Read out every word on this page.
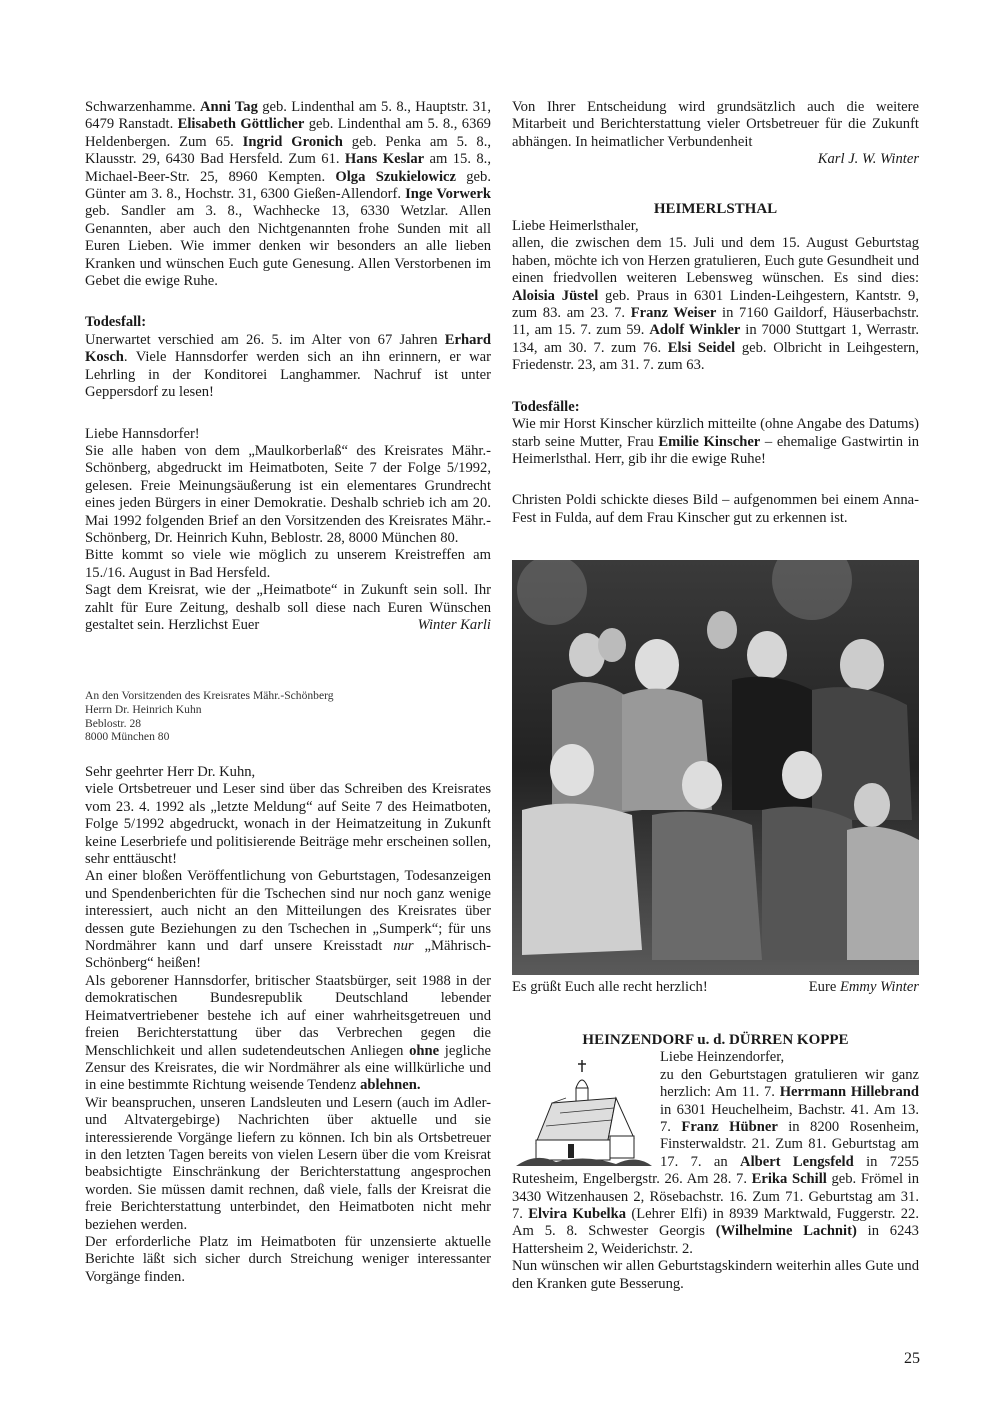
Schwarzenhamme. Anni Tag geb. Lindenthal am 5. 8., Hauptstr. 31, 6479 Ranstadt. Elisabeth Göttlicher geb. Lindenthal am 5. 8., 6369 Heldenbergen. Zum 65. Ingrid Gronich geb. Penka am 5. 8., Klausstr. 29, 6430 Bad Hersfeld. Zum 61. Hans Keslar am 15. 8., Michael-Beer-Str. 25, 8960 Kempten. Olga Szukielowicz geb. Günter am 3. 8., Hochstr. 31, 6300 Gießen-Allendorf. Inge Vorwerk geb. Sandler am 3. 8., Wachhecke 13, 6330 Wetzlar. Allen Genannten, aber auch den Nichtgenannten frohe Sunden mit all Euren Lieben. Wie immer denken wir besonders an alle lieben Kranken und wünschen Euch gute Genesung. Allen Verstorbenen im Gebet die ewige Ruhe.

Todesfall:

Unerwartet verschied am 26. 5. im Alter von 67 Jahren Erhard Kosch. Viele Hannsdorfer werden sich an ihn erinnern, er war Lehrling in der Konditorei Langhammer. Nachruf ist unter Geppersdorf zu lesen!

Liebe Hannsdorfer!

Sie alle haben von dem „Maulkorberlaß“ des Kreisrates Mähr.-Schönberg, abgedruckt im Heimatboten, Seite 7 der Folge 5/1992, gelesen. Freie Meinungsäußerung ist ein elementares Grundrecht eines jeden Bürgers in einer Demokratie. Deshalb schrieb ich am 20. Mai 1992 folgenden Brief an den Vorsitzenden des Kreisrates Mähr.-Schönberg, Dr. Heinrich Kuhn, Beblostr. 28, 8000 München 80.

Bitte kommt so viele wie möglich zu unserem Kreistreffen am 15./16. August in Bad Hersfeld.

Sagt dem Kreisrat, wie der „Heimatbote“ in Zukunft sein soll. Ihr zahlt für Eure Zeitung, deshalb soll diese nach Euren Wünschen gestaltet sein. Herzlichst Euer	Winter Karli

An den Vorsitzenden des Kreisrates Mähr.-Schönberg
Herrn Dr. Heinrich Kuhn
Beblostr. 28
8000 München 80

Sehr geehrter Herr Dr. Kuhn,

viele Ortsbetreuer und Leser sind über das Schreiben des Kreisrates vom 23. 4. 1992 als „letzte Meldung“ auf Seite 7 des Heimatboten, Folge 5/1992 abgedruckt, wonach in der Heimatzeitung in Zukunft keine Leserbriefe und politisierende Beiträge mehr erscheinen sollen, sehr enttäuscht!

An einer bloßen Veröffentlichung von Geburtstagen, Todesanzeigen und Spendenberichten für die Tschechen sind nur noch ganz wenige interessiert, auch nicht an den Mitteilungen des Kreisrates über dessen gute Beziehungen zu den Tschechen in „Sumperk“; für uns Nordmährer kann und darf unsere Kreisstadt nur „Mährisch-Schönberg“ heißen!

Als geborener Hannsdorfer, britischer Staatsbürger, seit 1988 in der demokratischen Bundesrepublik Deutschland lebender Heimatvertriebener bestehe ich auf einer wahrheitsgetreuen und freien Berichterstattung über das Verbrechen gegen die Menschlichkeit und allen sudetendeutschen Anliegen ohne jegliche Zensur des Kreisrates, die wir Nordmährer als eine willkürliche und in eine bestimmte Richtung weisende Tendenz ablehnen.

Wir beanspruchen, unseren Landsleuten und Lesern (auch im Adler- und Altvatergebirge) Nachrichten über aktuelle und sie interessierende Vorgänge liefern zu können. Ich bin als Ortsbetreuer in den letzten Tagen bereits von vielen Lesern über die vom Kreisrat beabsichtigte Einschränkung der Berichterstattung angesprochen worden. Sie müssen damit rechnen, daß viele, falls der Kreisrat die freie Berichterstattung unterbindet, den Heimatboten nicht mehr beziehen werden.

Der erforderliche Platz im Heimatboten für unzensierte aktuelle Berichte läßt sich sicher durch Streichung weniger interessanter Vorgänge finden.

Von Ihrer Entscheidung wird grundsätzlich auch die weitere Mitarbeit und Berichterstattung vieler Ortsbetreuer für die Zukunft abhängen. In heimatlicher Verbundenheit

Karl J. W. Winter

HEIMERLSTHAL

Liebe Heimerlsthaler,

allen, die zwischen dem 15. Juli und dem 15. August Geburtstag haben, möchte ich von Herzen gratulieren, Euch gute Gesundheit und einen friedvollen weiteren Lebensweg wünschen. Es sind dies: Aloisia Jüstel geb. Praus in 6301 Linden-Leihgestern, Kantstr. 9, zum 83. am 23. 7. Franz Weiser in 7160 Gaildorf, Häuserbachstr. 11, am 15. 7. zum 59. Adolf Winkler in 7000 Stuttgart 1, Werrastr. 134, am 30. 7. zum 76. Elsi Seidel geb. Olbricht in Leihgestern, Friedenstr. 23, am 31. 7. zum 63.

Todesfälle:

Wie mir Horst Kinscher kürzlich mitteilte (ohne Angabe des Datums) starb seine Mutter, Frau Emilie Kinscher – ehemalige Gastwirtin in Heimerlsthal. Herr, gib ihr die ewige Ruhe!

Christen Poldi schickte dieses Bild – aufgenommen bei einem Anna-Fest in Fulda, auf dem Frau Kinscher gut zu erkennen ist.

Es grüßt Euch alle recht herzlich!	Eure Emmy Winter

HEINZENDORF u. d. DÜRREN KOPPE

Liebe Heinzendorfer,

zu den Geburtstagen gratulieren wir ganz herzlich: Am 11. 7. Herrmann Hillebrand in 6301 Heuchelheim, Bachstr. 41. Am 13. 7. Franz Hübner in 8200 Rosenheim, Finsterwaldstr. 21. Zum 81. Geburtstag am 17. 7. an Albert Lengsfeld in 7255 Rutesheim, Engelbergstr. 26. Am 28. 7. Erika Schill geb. Frömel in 3430 Witzenhausen 2, Rösebachstr. 16. Zum 71. Geburtstag am 31. 7. Elvira Kubelka (Lehrer Elfi) in 8939 Marktwald, Fuggerstr. 22. Am 5. 8. Schwester Georgis (Wilhelmine Lachnit) in 6243 Hattersheim 2, Weiderichstr. 2.

Nun wünschen wir allen Geburtstagskindern weiterhin alles Gute und den Kranken gute Besserung.

25
